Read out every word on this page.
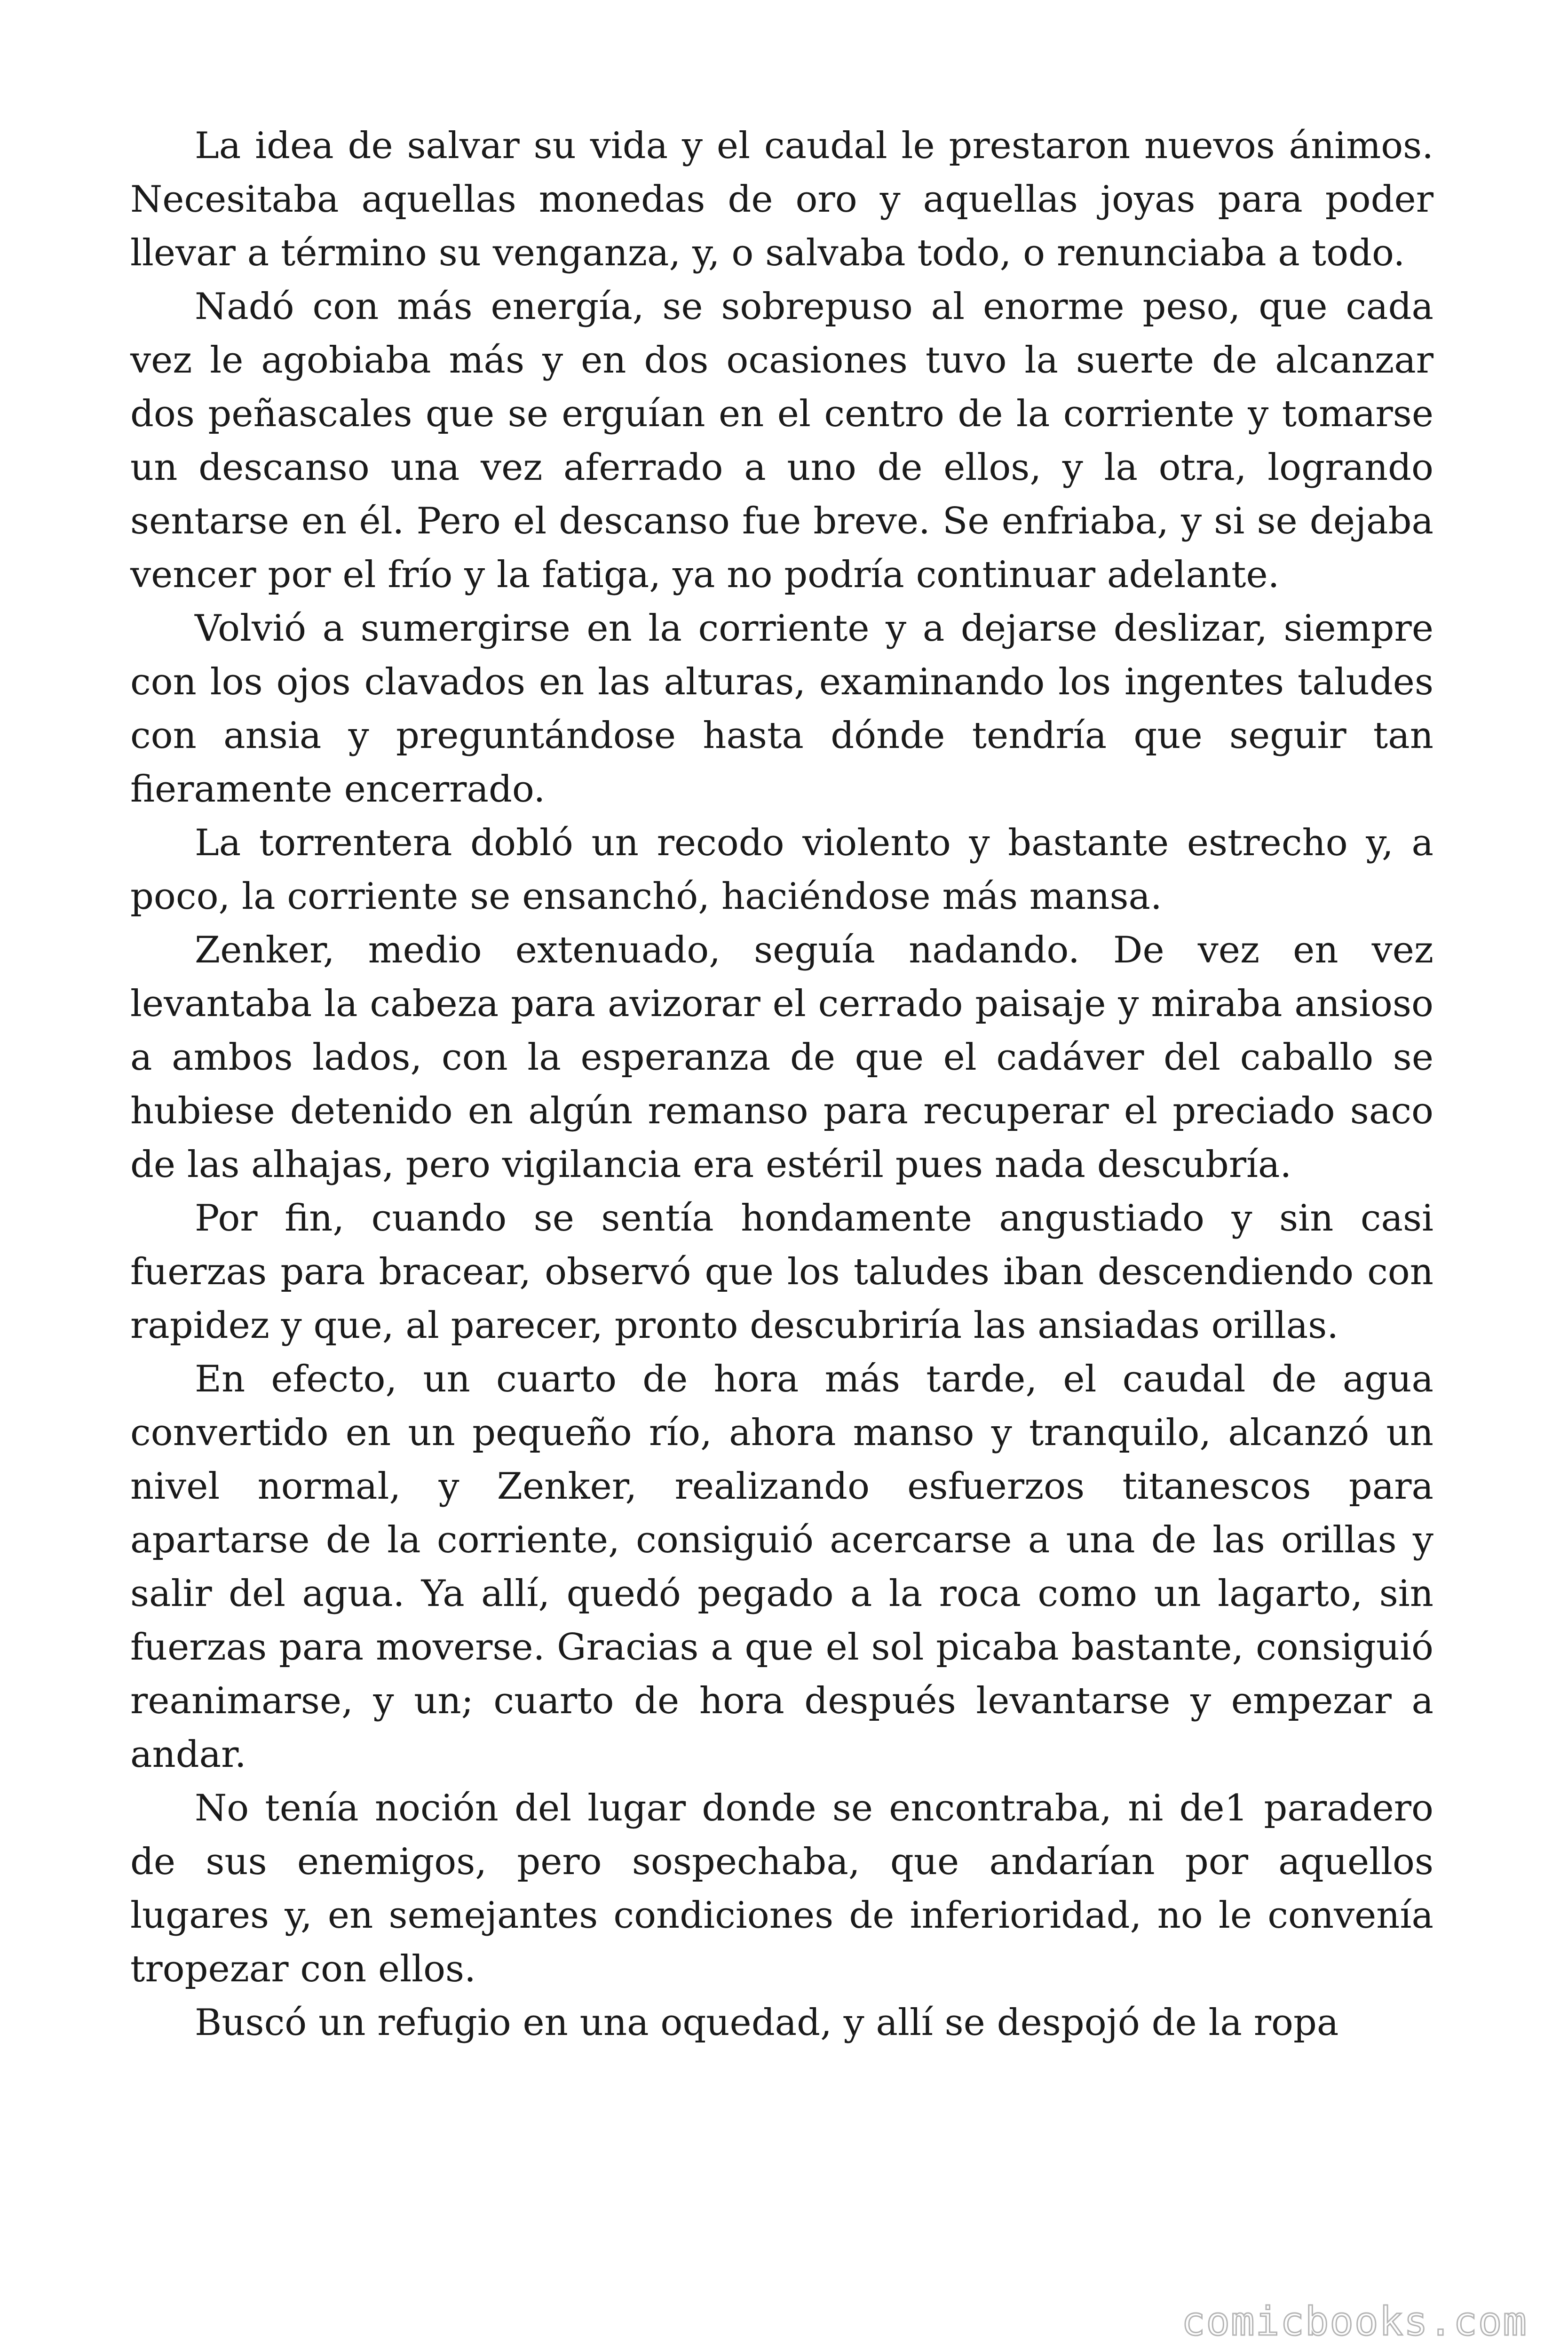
La idea de salvar su vida y el caudal le prestaron nuevos ánimos. Necesitaba aquellas monedas de oro y aquellas joyas para poder llevar a término su venganza, y, o salvaba todo, o renunciaba a todo.

Nadó con más energía, se sobrepuso al enorme peso, que cada vez le agobiaba más y en dos ocasiones tuvo la suerte de alcanzar dos peñascales que se erguían en el centro de la corriente y tomarse un descanso una vez aferrado a uno de ellos, y la otra, logrando sentarse en él. Pero el descanso fue breve. Se enfriaba, y si se dejaba vencer por el frío y la fatiga, ya no podría continuar adelante.

Volvió a sumergirse en la corriente y a dejarse deslizar, siempre con los ojos clavados en las alturas, examinando los ingentes taludes con ansia y preguntándose hasta dónde tendría que seguir tan fieramente encerrado.

La torrentera dobló un recodo violento y bastante estrecho y, a poco, la corriente se ensanchó, haciéndose más mansa.

Zenker, medio extenuado, seguía nadando. De vez en vez levantaba la cabeza para avizorar el cerrado paisaje y miraba ansioso a ambos lados, con la esperanza de que el cadáver del caballo se hubiese detenido en algún remanso para recuperar el preciado saco de las alhajas, pero vigilancia era estéril pues nada descubría.

Por fin, cuando se sentía hondamente angustiado y sin casi fuerzas para bracear, observó que los taludes iban descendiendo con rapidez y que, al parecer, pronto descubriría las ansiadas orillas.

En efecto, un cuarto de hora más tarde, el caudal de agua convertido en un pequeño río, ahora manso y tranquilo, alcanzó un nivel normal, y Zenker, realizando esfuerzos titanescos para apartarse de la corriente, consiguió acercarse a una de las orillas y salir del agua. Ya allí, quedó pegado a la roca como un lagarto, sin fuerzas para moverse. Gracias a que el sol picaba bastante, consiguió reanimarse, y un; cuarto de hora después levantarse y empezar a andar.

No tenía noción del lugar donde se encontraba, ni de1 paradero de sus enemigos, pero sospechaba, que andarían por aquellos lugares y, en semejantes condiciones de inferioridad, no le convenía tropezar con ellos.

Buscó un refugio en una oquedad, y allí se despojó de la ropa

comicbooks.com
